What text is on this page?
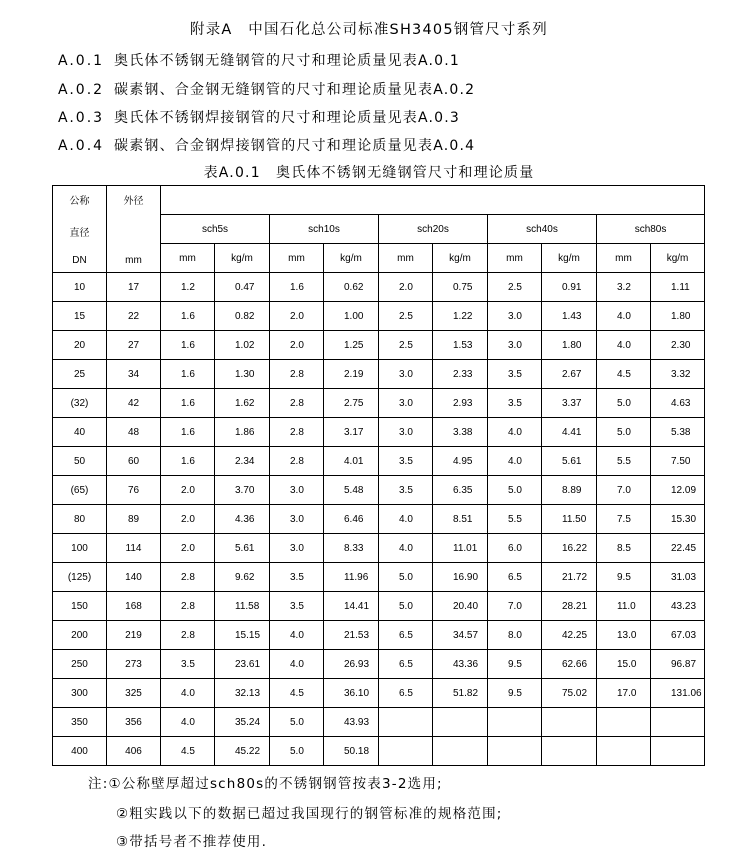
附录A　中国石化总公司标准SH3405钢管尺寸系列
A.0.1 奥氏体不锈钢无缝钢管的尺寸和理论质量见表A.0.1
A.0.2 碳素钢、合金钢无缝钢管的尺寸和理论质量见表A.0.2
A.0.3 奥氏体不锈钢焊接钢管的尺寸和理论质量见表A.0.3
A.0.4 碳素钢、合金钢焊接钢管的尺寸和理论质量见表A.0.4
表A.0.1　奥氏体不锈钢无缝钢管尺寸和理论质量
公称
直径
DN	外径
mm										

		sch5s		sch10s		sch20s		sch40s		sch80s	
		mm	kg/m	mm	kg/m	mm	kg/m	mm	kg/m	mm	kg/m
10	17	1.2	0.47	1.6	0.62	2.0	0.75	2.5	0.91	3.2	1.11
15	22	1.6	0.82	2.0	1.00	2.5	1.22	3.0	1.43	4.0	1.80
20	27	1.6	1.02	2.0	1.25	2.5	1.53	3.0	1.80	4.0	2.30
25	34	1.6	1.30	2.8	2.19	3.0	2.33	3.5	2.67	4.5	3.32
(32)	42	1.6	1.62	2.8	2.75	3.0	2.93	3.5	3.37	5.0	4.63
40	48	1.6	1.86	2.8	3.17	3.0	3.38	4.0	4.41	5.0	5.38
50	60	1.6	2.34	2.8	4.01	3.5	4.95	4.0	5.61	5.5	7.50
(65)	76	2.0	3.70	3.0	5.48	3.5	6.35	5.0	8.89	7.0	12.09
80	89	2.0	4.36	3.0	6.46	4.0	8.51	5.5	11.50	7.5	15.30
100	114	2.0	5.61	3.0	8.33	4.0	11.01	6.0	16.22	8.5	22.45
(125)	140	2.8	9.62	3.5	11.96	5.0	16.90	6.5	21.72	9.5	31.03
150	168	2.8	11.58	3.5	14.41	5.0	20.40	7.0	28.21	11.0	43.23
200	219	2.8	15.15	4.0	21.53	6.5	34.57	8.0	42.25	13.0	67.03
250	273	3.5	23.61	4.0	26.93	6.5	43.36	9.5	62.66	15.0	96.87
300	325	4.0	32.13	4.5	36.10	6.5	51.82	9.5	75.02	17.0	131.06
350	356	4.0	35.24	5.0	43.93						
400	406	4.5	45.22	5.0	50.18						
注:①公称壁厚超过sch80s的不锈钢钢管按表3-2选用;
②粗实践以下的数据已超过我国现行的钢管标准的规格范围;
③带括号者不推荐使用.
